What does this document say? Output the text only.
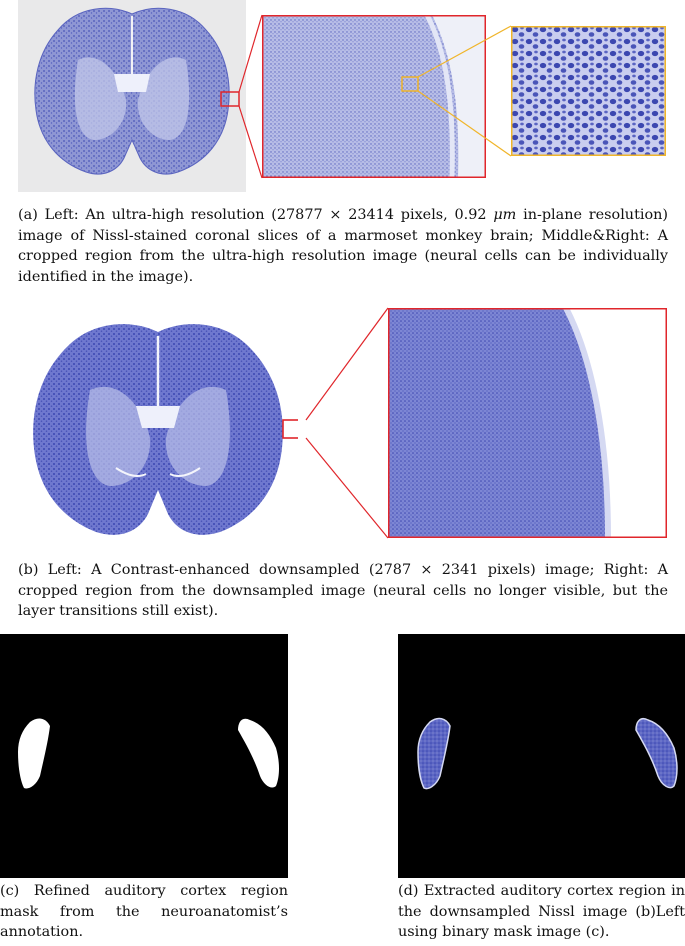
(a) Left: An ultra-high resolution (27877 × 23414 pixels, 0.92 μm in-plane resolution) image of Nissl-stained coronal slices of a marmoset monkey brain; Middle&Right: A cropped region from the ultra-high resolution image (neural cells can be individually identified in the image).
(b) Left: A Contrast-enhanced downsampled (2787 × 2341 pixels) image; Right: A cropped region from the downsampled image (neural cells no longer visible, but the layer transitions still exist).
(c) Refined auditory cortex region mask from the neuroanatomist’s annotation.
(d) Extracted auditory cortex region in the downsampled Nissl image (b)Left using binary mask image (c).
